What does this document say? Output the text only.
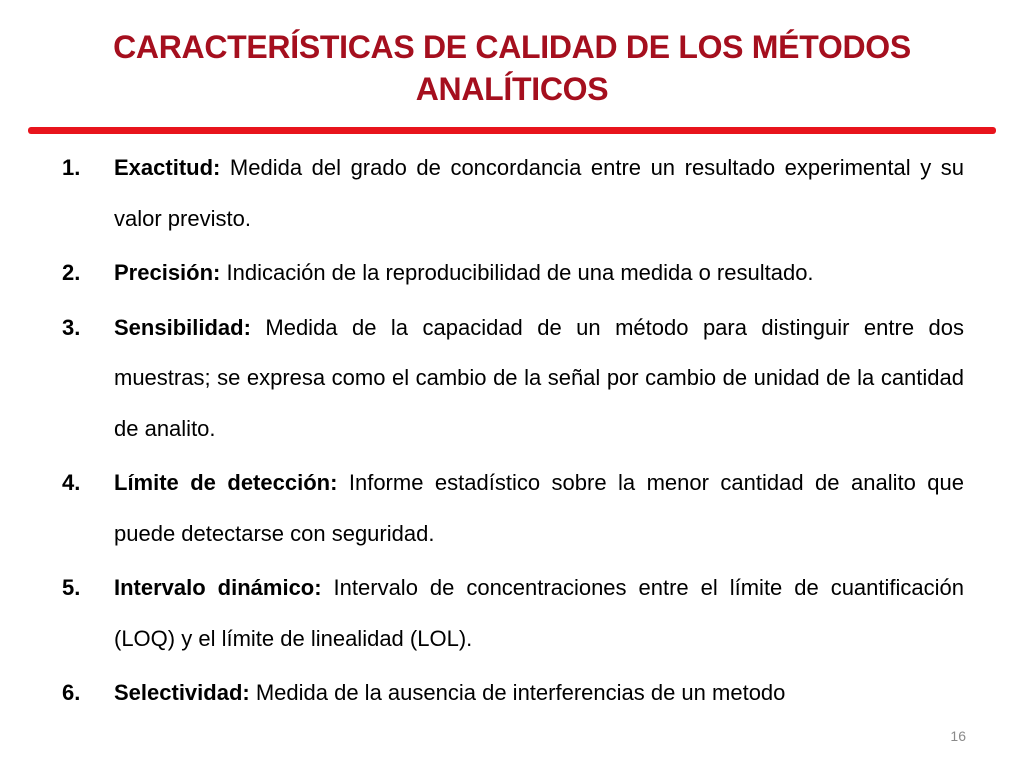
CARACTERÍSTICAS DE CALIDAD DE LOS MÉTODOS
ANALÍTICOS
1. Exactitud: Medida del grado de concordancia entre un resultado experimental y su valor previsto.
2. Precisión: Indicación de la reproducibilidad de una medida o resultado.
3. Sensibilidad: Medida de la capacidad de un método para distinguir entre dos muestras; se expresa como el cambio de la señal por cambio de unidad de la cantidad de analito.
4. Límite de detección: Informe estadístico sobre la menor cantidad de analito que puede detectarse con seguridad.
5. Intervalo dinámico: Intervalo de concentraciones entre el límite de cuantificación (LOQ) y el límite de linealidad (LOL).
6. Selectividad: Medida de la ausencia de interferencias de un metodo
16
